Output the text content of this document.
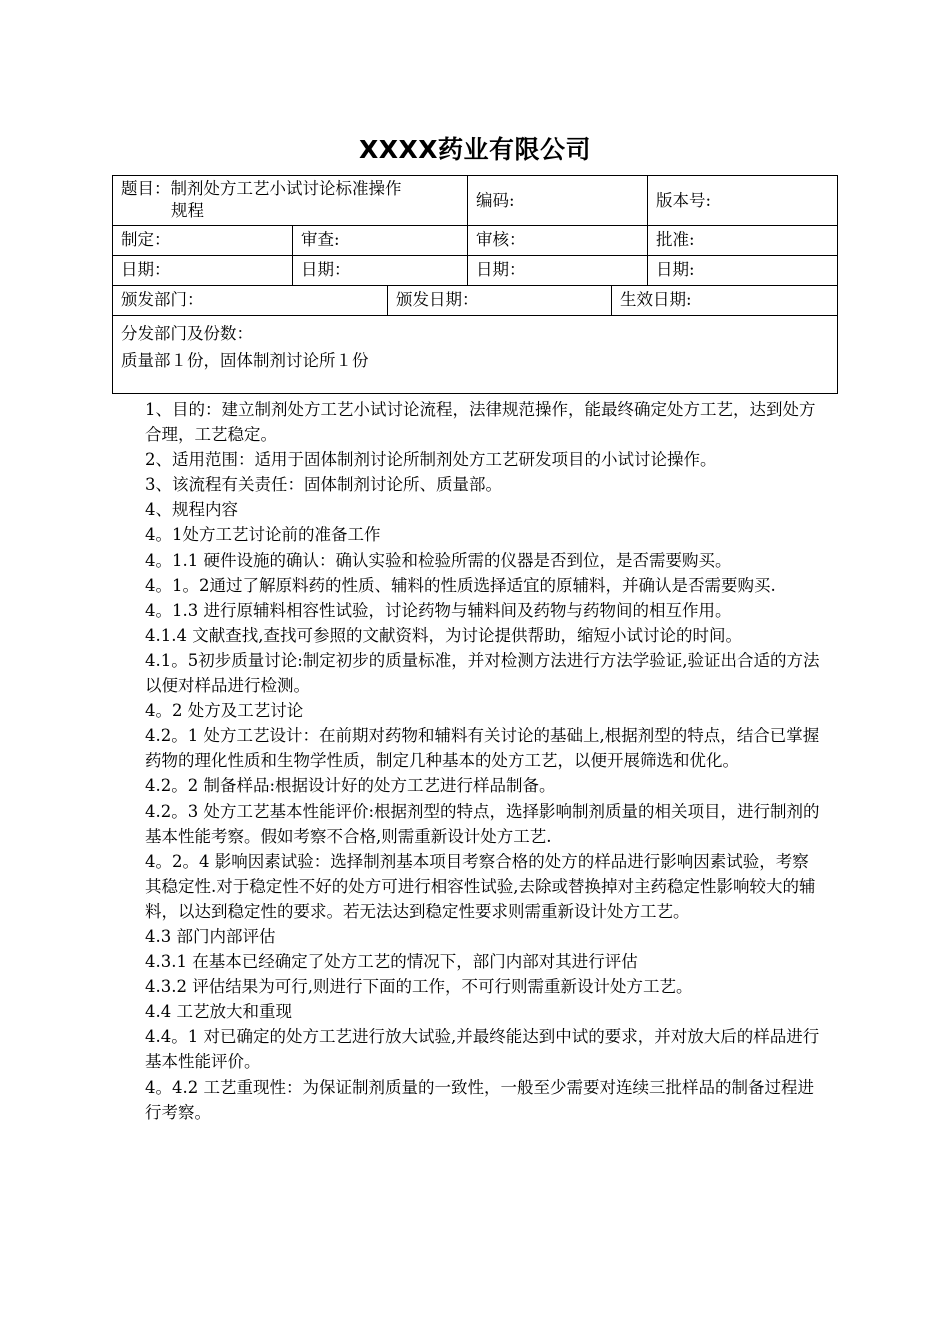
XXXX药业有限公司
题目：制剂处方工艺小试讨论标准操作
规程
编码:	版本号:
制定：	审查:	审核：	批准:
日期：	日期：	日期：	日期:
颁发部门：	颁发日期：	生效日期:
分发部门及份数：
质量部１份，固体制剂讨论所１份

1、目的：建立制剂处方工艺小试讨论流程，法律规范操作，能最终确定处方工艺，达到处方合理，工艺稳定。

2、适用范围：适用于固体制剂讨论所制剂处方工艺研发项目的小试讨论操作。

3、该流程有关责任：固体制剂讨论所、质量部。

4、规程内容

4。1处方工艺讨论前的准备工作

4。1.1 硬件设施的确认：确认实验和检验所需的仪器是否到位，是否需要购买。

4。1。2通过了解原料药的性质、辅料的性质选择适宜的原辅料，并确认是否需要购买.

4。1.3 进行原辅料相容性试验，讨论药物与辅料间及药物与药物间的相互作用。

4.1.4 文献查找,查找可参照的文献资料，为讨论提供帮助，缩短小试讨论的时间。

4.1。5初步质量讨论:制定初步的质量标准，并对检测方法进行方法学验证,验证出合适的方法以便对样品进行检测。

4。2 处方及工艺讨论

4.2。1 处方工艺设计：在前期对药物和辅料有关讨论的基础上,根据剂型的特点，结合已掌握药物的理化性质和生物学性质，制定几种基本的处方工艺，以便开展筛选和优化。

4.2。2 制备样品:根据设计好的处方工艺进行样品制备。

4.2。3 处方工艺基本性能评价:根据剂型的特点，选择影响制剂质量的相关项目，进行制剂的基本性能考察。假如考察不合格,则需重新设计处方工艺.

4。2。4 影响因素试验：选择制剂基本项目考察合格的处方的样品进行影响因素试验，考察其稳定性.对于稳定性不好的处方可进行相容性试验,去除或替换掉对主药稳定性影响较大的辅料，以达到稳定性的要求。若无法达到稳定性要求则需重新设计处方工艺。

4.3 部门内部评估

4.3.1 在基本已经确定了处方工艺的情况下，部门内部对其进行评估

4.3.2 评估结果为可行,则进行下面的工作，不可行则需重新设计处方工艺。

4.4 工艺放大和重现

4.4。1 对已确定的处方工艺进行放大试验,并最终能达到中试的要求，并对放大后的样品进行基本性能评价。

4。4.2 工艺重现性：为保证制剂质量的一致性，一般至少需要对连续三批样品的制备过程进行考察。
